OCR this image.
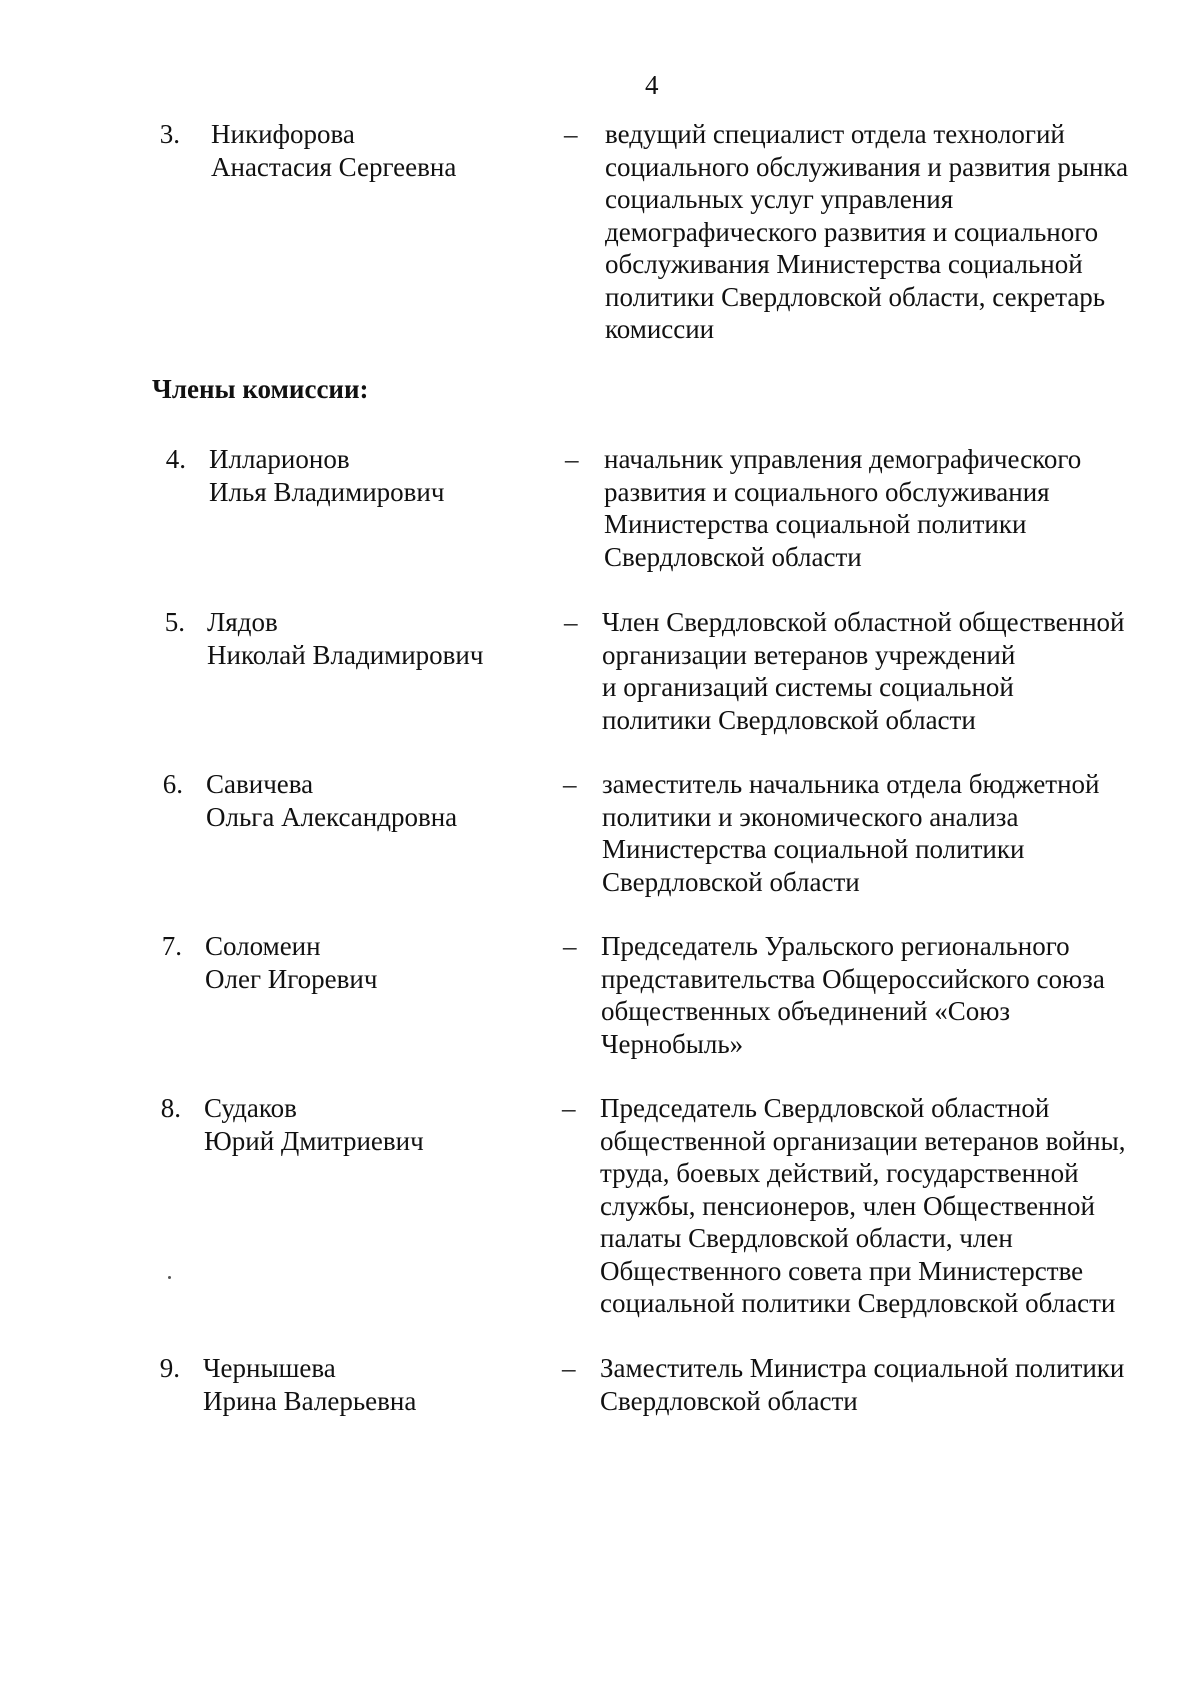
4
3. Никифорова
Анастасия Сергеевна
– ведущий специалист отдела технологий
социального обслуживания и развития рынка
социальных услуг управления
демографического развития и социального
обслуживания Министерства социальной
политики Свердловской области, секретарь
комиссии
Члены комиссии:
4. Илларионов
Илья Владимирович
– начальник управления демографического
развития и социального обслуживания
Министерства социальной политики
Свердловской области
5. Лядов
Николай Владимирович
– Член Свердловской областной общественной
организации ветеранов учреждений
и организаций системы социальной
политики Свердловской области
6. Савичева
Ольга Александровна
– заместитель начальника отдела бюджетной
политики и экономического анализа
Министерства социальной политики
Свердловской области
7. Соломеин
Олег Игоревич
– Председатель Уральского регионального
представительства Общероссийского союза
общественных объединений «Союз
Чернобыль»
8. Судаков
Юрий Дмитриевич
– Председатель Свердловской областной
общественной организации ветеранов войны,
труда, боевых действий, государственной
службы, пенсионеров, член Общественной
палаты Свердловской области, член
Общественного совета при Министерстве
социальной политики Свердловской области
9. Чернышева
Ирина Валерьевна
– Заместитель Министра социальной политики
Свердловской области
